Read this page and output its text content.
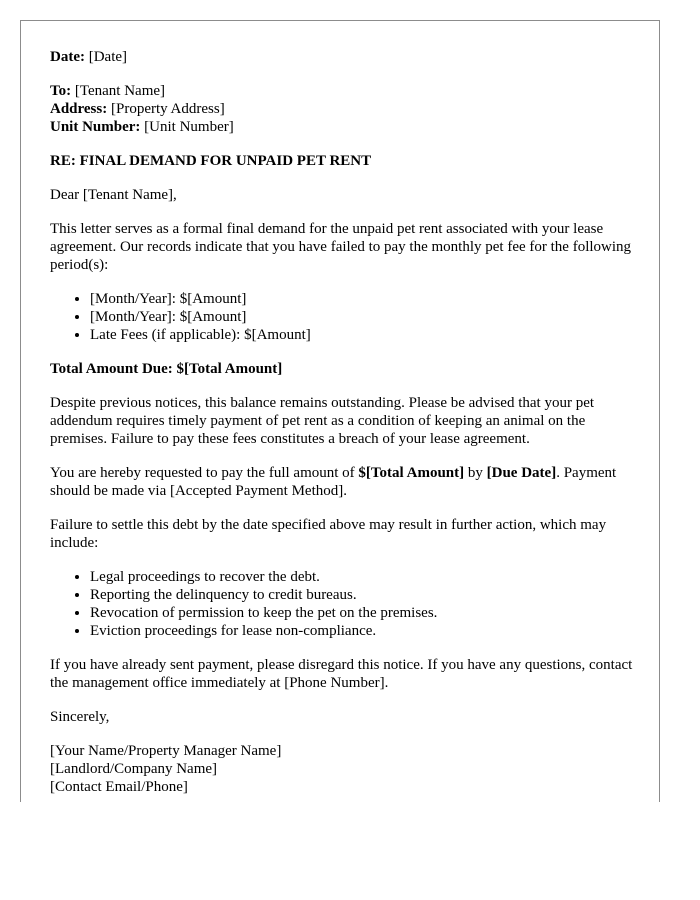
Date: [Date]

To: [Tenant Name]
Address: [Property Address]
Unit Number: [Unit Number]

RE: FINAL DEMAND FOR UNPAID PET RENT

Dear [Tenant Name],

This letter serves as a formal final demand for the unpaid pet rent associated with your lease agreement. Our records indicate that you have failed to pay the monthly pet fee for the following period(s):

• [Month/Year]: $[Amount]
• [Month/Year]: $[Amount]
• Late Fees (if applicable): $[Amount]

Total Amount Due: $[Total Amount]

Despite previous notices, this balance remains outstanding. Please be advised that your pet addendum requires timely payment of pet rent as a condition of keeping an animal on the premises. Failure to pay these fees constitutes a breach of your lease agreement.

You are hereby requested to pay the full amount of $[Total Amount] by [Due Date]. Payment should be made via [Accepted Payment Method].

Failure to settle this debt by the date specified above may result in further action, which may include:

• Legal proceedings to recover the debt.
• Reporting the delinquency to credit bureaus.
• Revocation of permission to keep the pet on the premises.
• Eviction proceedings for lease non-compliance.

If you have already sent payment, please disregard this notice. If you have any questions, contact the management office immediately at [Phone Number].

Sincerely,

[Your Name/Property Manager Name]
[Landlord/Company Name]
[Contact Email/Phone]
